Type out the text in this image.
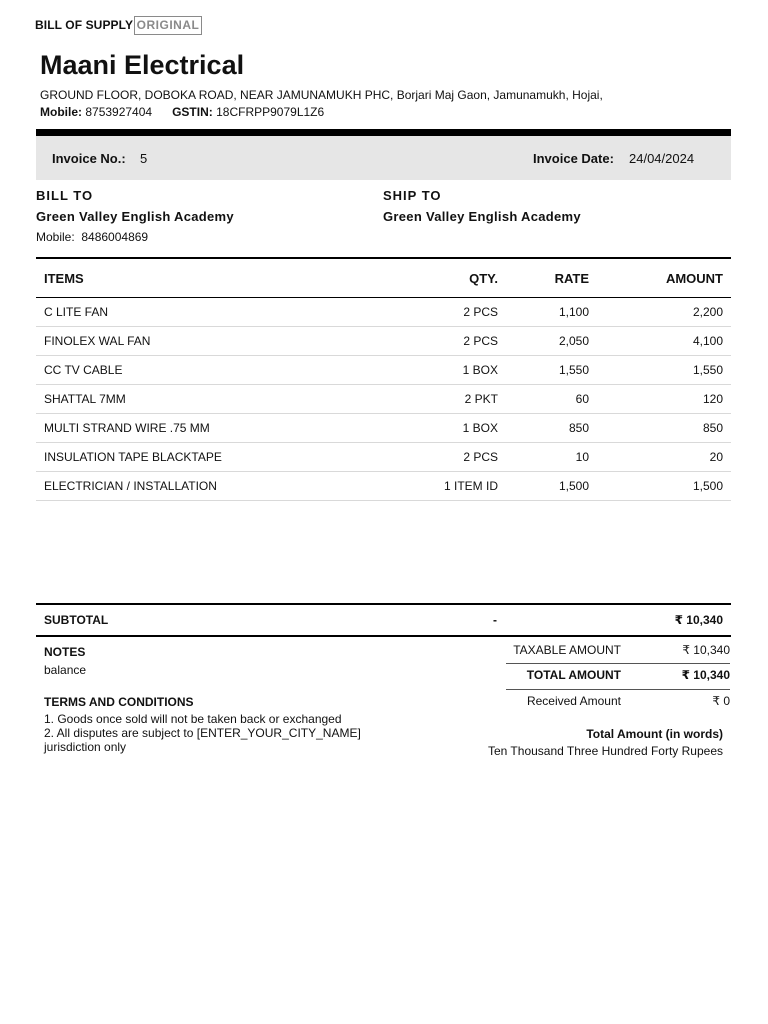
BILL OF SUPPLY ORIGINAL
Maani Electrical
GROUND FLOOR, DOBOKA ROAD, NEAR JAMUNAMUKH PHC, Borjari Maj Gaon, Jamunamukh, Hojai,
Mobile: 8753927404 GSTIN: 18CFRPP9079L1Z6
Invoice No.: 5	Invoice Date: 24/04/2024
BILL TO	SHIP TO
Green Valley English Academy	Green Valley English Academy
Mobile: 8486004869
ITEMS	QTY.	RATE	AMOUNT
C LITE FAN	2 PCS	1,100	2,200
FINOLEX WAL FAN	2 PCS	2,050	4,100
CC TV CABLE	1 BOX	1,550	1,550
SHATTAL 7MM	2 PKT	60	120
MULTI STRAND WIRE .75 MM	1 BOX	850	850
INSULATION TAPE BLACKTAPE	2 PCS	10	20
ELECTRICIAN / INSTALLATION	1 ITEM ID	1,500	1,500
SUBTOTAL	-	₹ 10,340
NOTES
balance
TERMS AND CONDITIONS
1. Goods once sold will not be taken back or exchanged
2. All disputes are subject to [ENTER_YOUR_CITY_NAME] jurisdiction only
TAXABLE AMOUNT	₹ 10,340
TOTAL AMOUNT	₹ 10,340
Received Amount	₹ 0
Total Amount (in words)
Ten Thousand Three Hundred Forty Rupees
